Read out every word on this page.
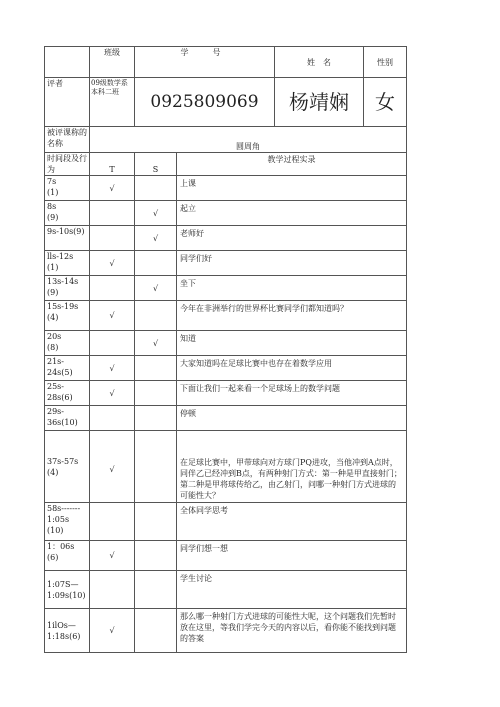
	班级	学　号		姓　名 性别

评者	09级数学系本科二班	0925809069		杨靖娴 女

被评课称的名称	圆周角			
时间段及行为	T	S	教学过程实录	
7s
(1)	√		上课	
8s
(9)		√	起立	
9s-10s(9)		√	老师好	
lls-12s
(1)	√		同学们好	
13s-14s
(9)		√	坐下	
15s-19s
(4)	√		今年在非洲举行的世界杯比赛同学们都知道吗？	
20s
(8)		√	知道	
21s-
24s(5)	√		大家知道吗在足球比赛中也存在着数学应用	
25s-
28s(6)	√		下面让我们一起来看一个足球场上的数学问题	
29s-
36s(10)			停顿	
37s-57s
(4)	√		在足球比赛中，甲带球向对方球门PQ进攻，当他冲到A点时，同伴乙已经冲到B点，有两种射门方式：第一种是甲直接射门；第二种是甲将球传给乙，由乙射门，问哪一种射门方式进球的可能性大？	
58s-------
1:05s
(10)			全体同学思考	
1：06s
(6)	√		同学们想一想	
1:07S—
1:09s(10)			学生讨论	
1ilOs—
1:18s(6)	√		那么哪一种射门方式进球的可能性大呢，这个问题我们先暂时放在这里，等我们学完今天的内容以后，看你能不能找到问题的答案	
